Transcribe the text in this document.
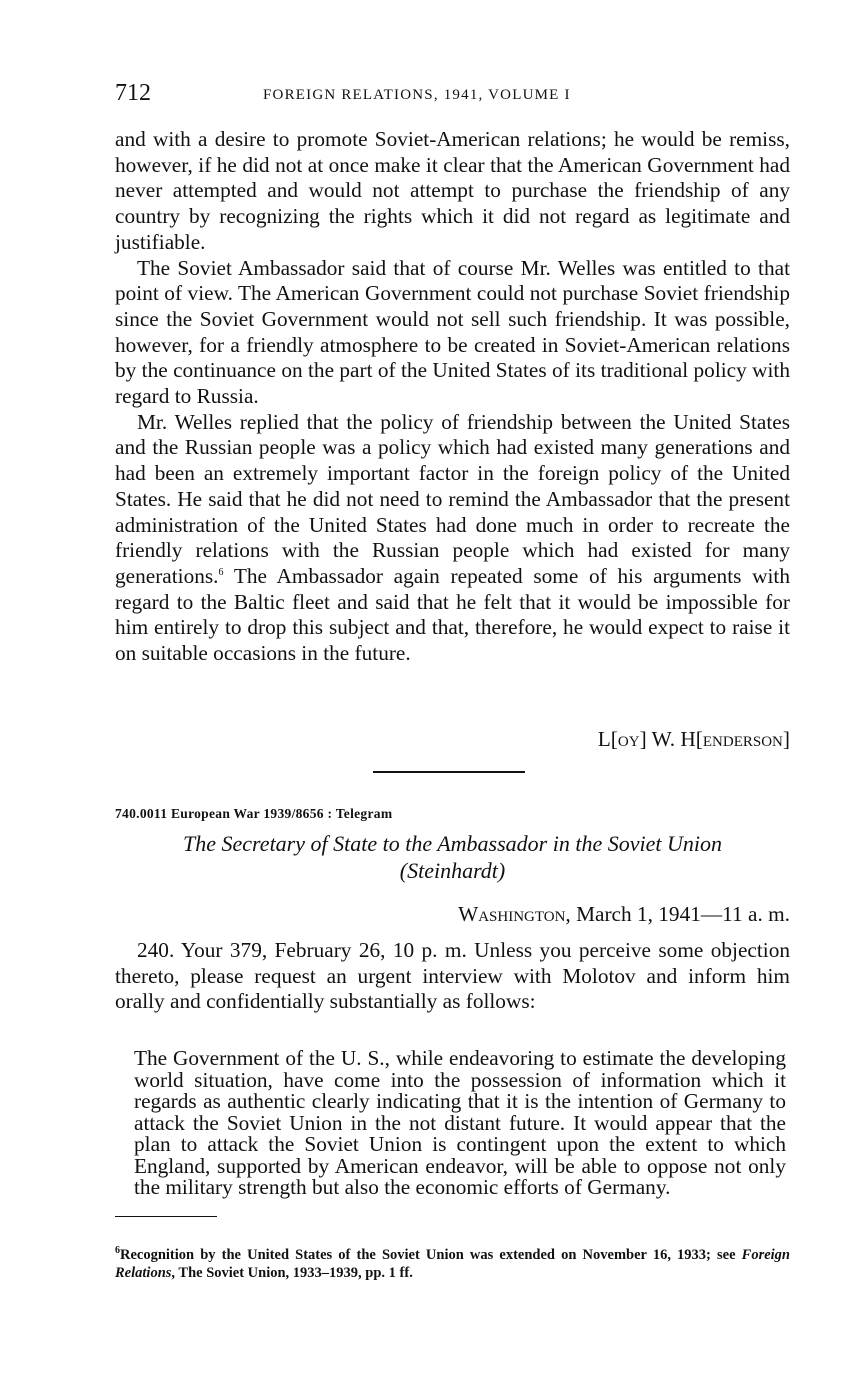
712	FOREIGN RELATIONS, 1941, VOLUME I

and with a desire to promote Soviet-American relations; he would be remiss, however, if he did not at once make it clear that the American Government had never attempted and would not attempt to purchase the friendship of any country by recognizing the rights which it did not regard as legitimate and justifiable.

The Soviet Ambassador said that of course Mr. Welles was entitled to that point of view. The American Government could not purchase Soviet friendship since the Soviet Government would not sell such friendship. It was possible, however, for a friendly atmosphere to be created in Soviet-American relations by the continuance on the part of the United States of its traditional policy with regard to Russia.

Mr. Welles replied that the policy of friendship between the United States and the Russian people was a policy which had existed many generations and had been an extremely important factor in the foreign policy of the United States. He said that he did not need to remind the Ambassador that the present administration of the United States had done much in order to recreate the friendly relations with the Russian people which had existed for many generations.$^6$ The Ambassador again repeated some of his arguments with regard to the Baltic fleet and said that he felt that it would be impossible for him entirely to drop this subject and that, therefore, he would expect to raise it on suitable occasions in the future.

L[oy] W. H[enderson]
740.0011 European War 1939/8656 : Telegram
The Secretary of State to the Ambassador in the Soviet Union
(Steinhardt)
Washington, March 1, 1941—11 a. m.

240. Your 379, February 26, 10 p. m. Unless you perceive some objection thereto, please request an urgent interview with Molotov and inform him orally and confidentially substantially as follows:

The Government of the U. S., while endeavoring to estimate the developing world situation, have come into the possession of information which it regards as authentic clearly indicating that it is the intention of Germany to attack the Soviet Union in the not distant future. It would appear that the plan to attack the Soviet Union is contingent upon the extent to which England, supported by American endeavor, will be able to oppose not only the military strength but also the economic efforts of Germany.

$^6$Recognition by the United States of the Soviet Union was extended on November 16, 1933; see Foreign Relations, The Soviet Union, 1933–1939, pp. 1 ff.
